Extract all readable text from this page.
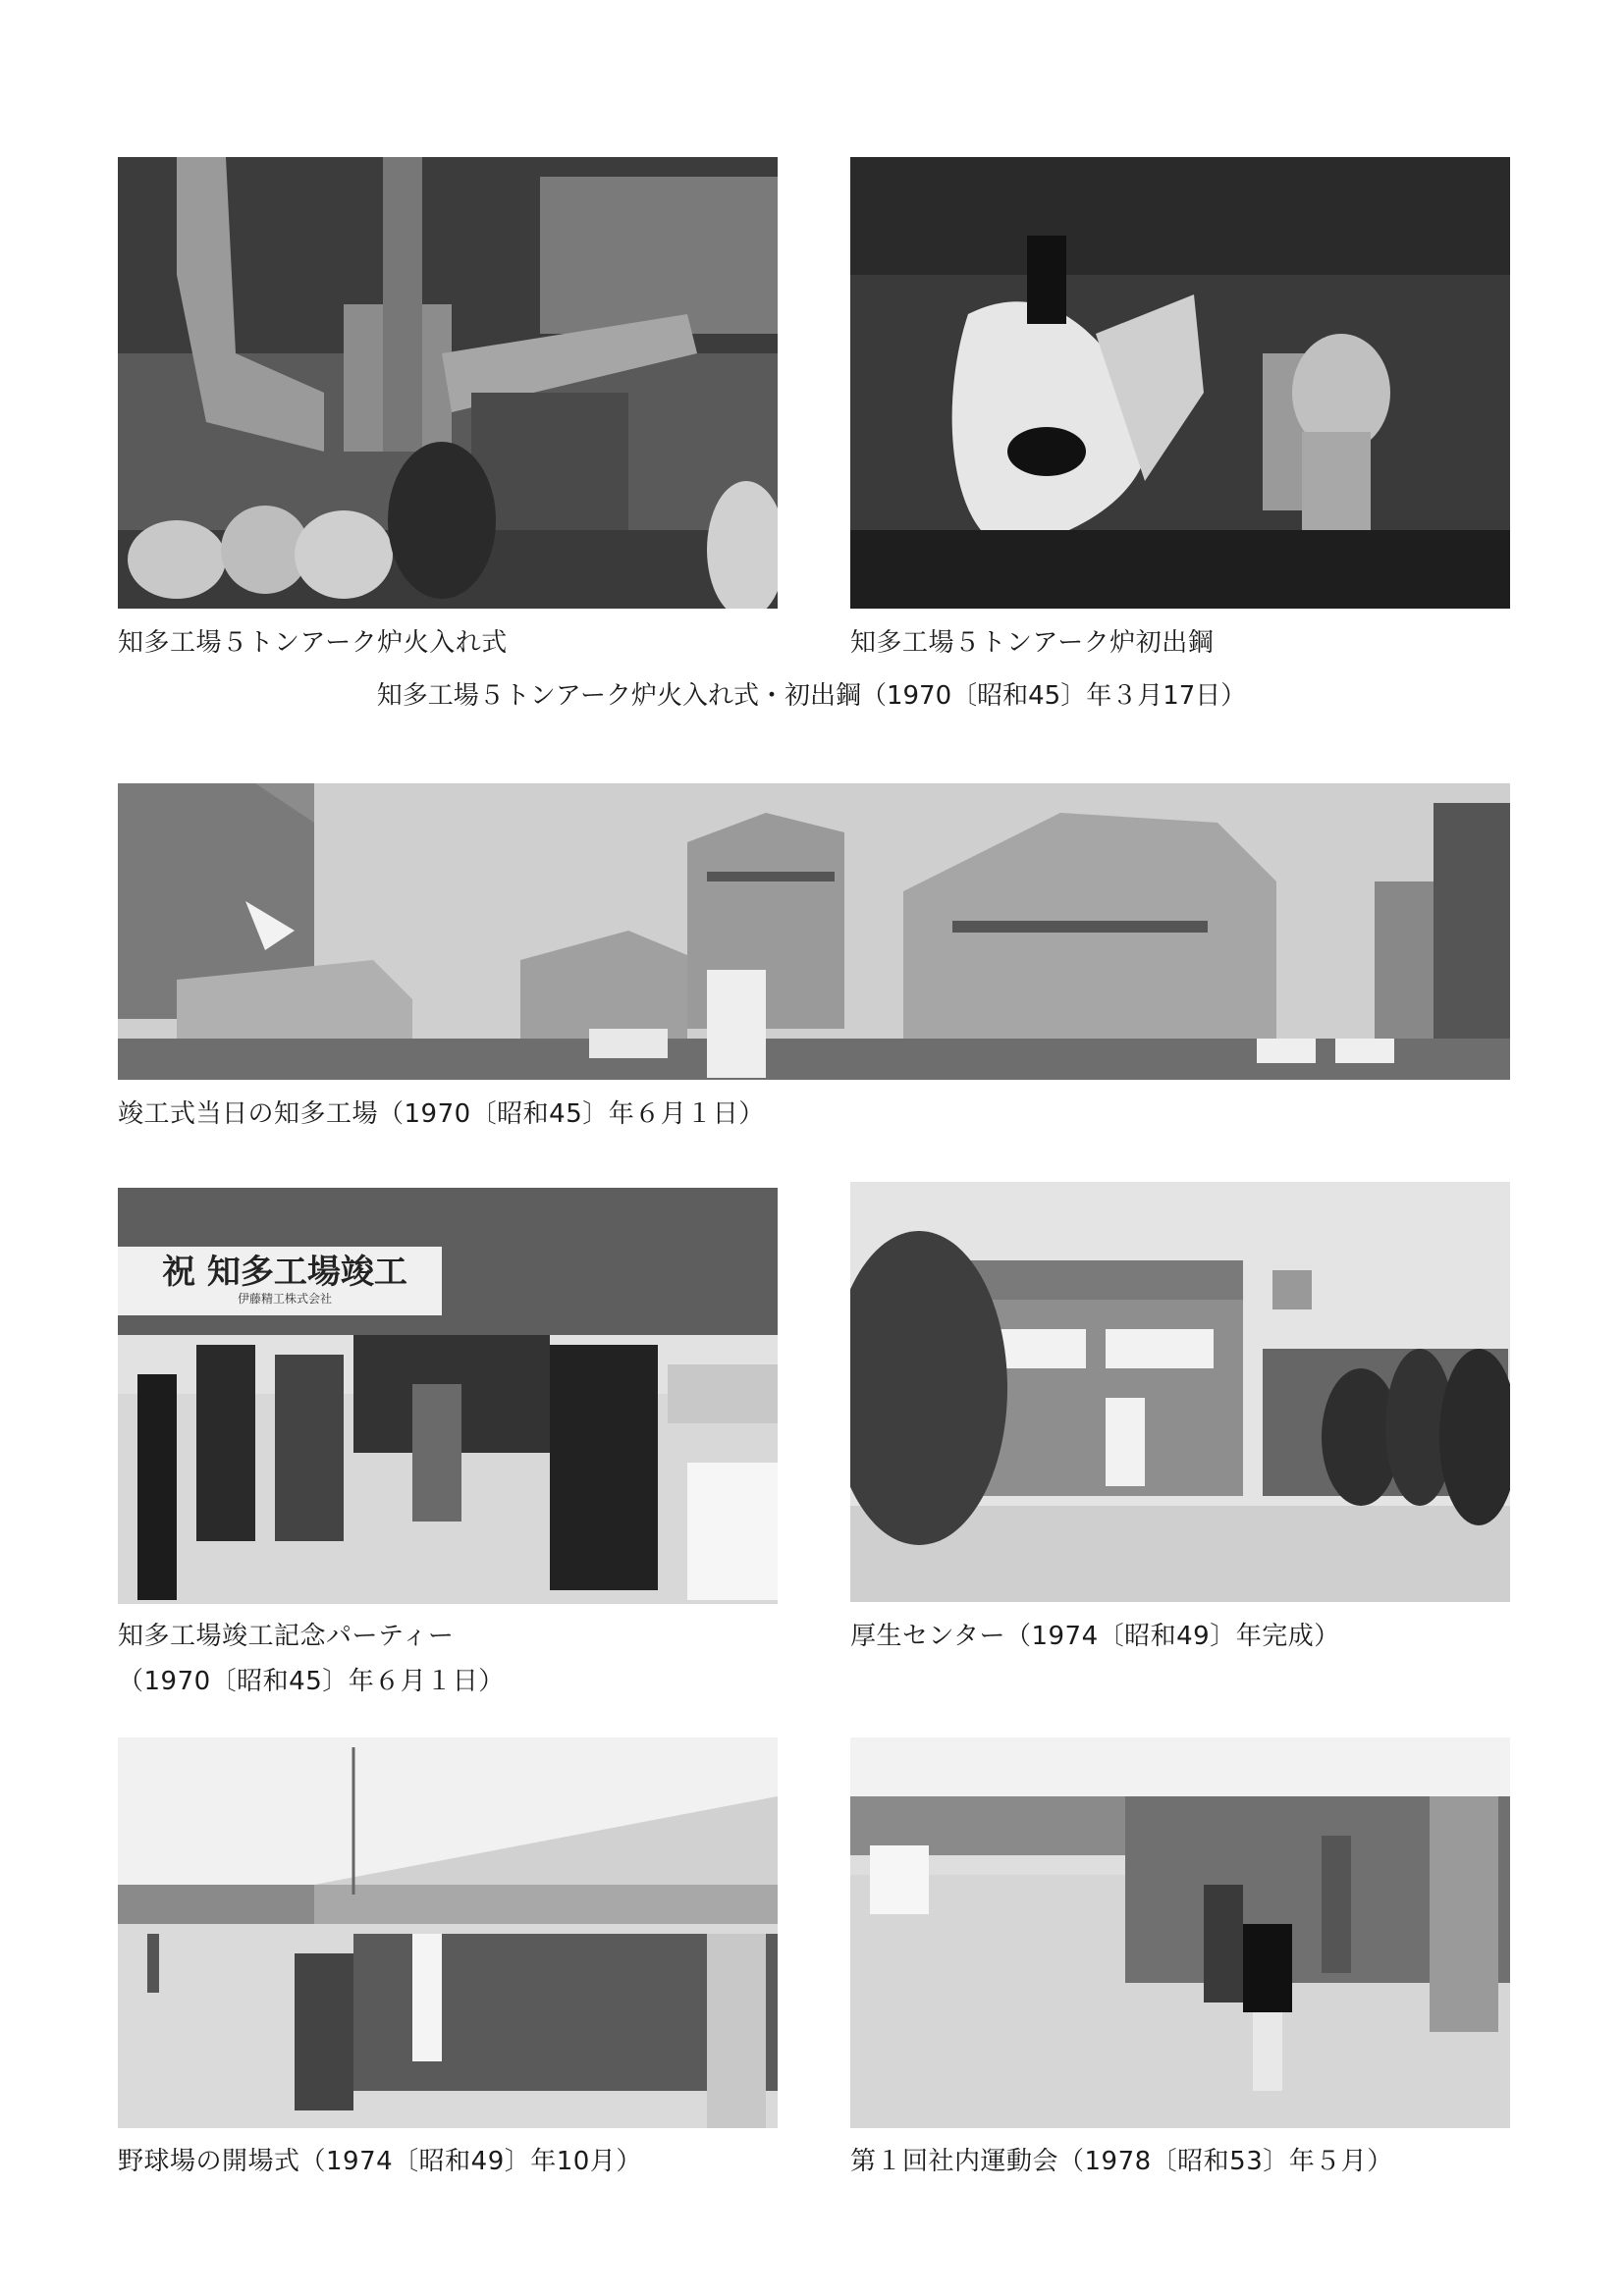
知多工場５トンアーク炉火入れ式	知多工場５トンアーク炉初出鋼
知多工場５トンアーク炉火入れ式・初出鋼（1970〔昭和45〕年３月17日）
竣工式当日の知多工場（1970〔昭和45〕年６月１日）
祝 知多工場竣工
伊藤精工株式会社
知多工場竣工記念パーティー
（1970〔昭和45〕年６月１日）
厚生センター（1974〔昭和49〕年完成）
野球場の開場式（1974〔昭和49〕年10月）	第１回社内運動会（1978〔昭和53〕年５月）
